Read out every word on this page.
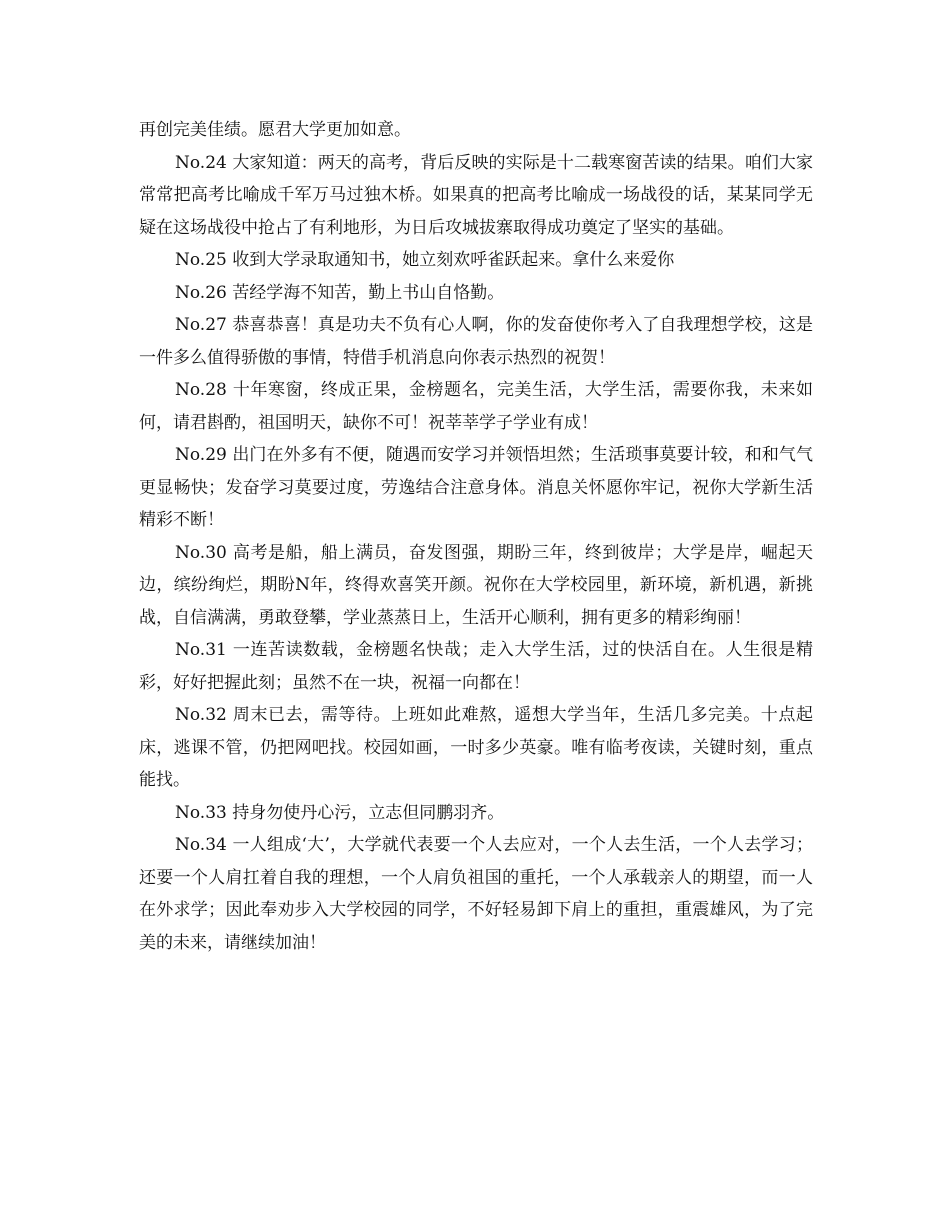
再创完美佳绩。愿君大学更加如意。

No.24 大家知道：两天的高考，背后反映的实际是十二载寒窗苦读的结果。咱们大家常常把高考比喻成千军万马过独木桥。如果真的把高考比喻成一场战役的话，某某同学无疑在这场战役中抢占了有利地形，为日后攻城拔寨取得成功奠定了坚实的基础。

No.25 收到大学录取通知书，她立刻欢呼雀跃起来。拿什么来爱你

No.26 苦经学海不知苦，勤上书山自恪勤。

No.27 恭喜恭喜！真是功夫不负有心人啊，你的发奋使你考入了自我理想学校，这是一件多么值得骄傲的事情，特借手机消息向你表示热烈的祝贺！

No.28 十年寒窗，终成正果，金榜题名，完美生活，大学生活，需要你我，未来如何，请君斟酌，祖国明天，缺你不可！祝莘莘学子学业有成！

No.29 出门在外多有不便，随遇而安学习并领悟坦然；生活琐事莫要计较，和和气气更显畅快；发奋学习莫要过度，劳逸结合注意身体。消息关怀愿你牢记，祝你大学新生活精彩不断！

No.30 高考是船，船上满员，奋发图强，期盼三年，终到彼岸；大学是岸，崛起天边，缤纷绚烂，期盼N年，终得欢喜笑开颜。祝你在大学校园里，新环境，新机遇，新挑战，自信满满，勇敢登攀，学业蒸蒸日上，生活开心顺利，拥有更多的精彩绚丽！

No.31 一连苦读数载，金榜题名快哉；走入大学生活，过的快活自在。人生很是精彩，好好把握此刻；虽然不在一块，祝福一向都在！

No.32 周末已去，需等待。上班如此难熬，遥想大学当年，生活几多完美。十点起床，逃课不管，仍把网吧找。校园如画，一时多少英豪。唯有临考夜读，关键时刻，重点能找。

No.33 持身勿使丹心污，立志但同鹏羽齐。

No.34 一人组成‘大’，大学就代表要一个人去应对，一个人去生活，一个人去学习；还要一个人肩扛着自我的理想，一个人肩负祖国的重托，一个人承载亲人的期望，而一人在外求学；因此奉劝步入大学校园的同学，不好轻易卸下肩上的重担，重震雄风，为了完美的未来，请继续加油！
